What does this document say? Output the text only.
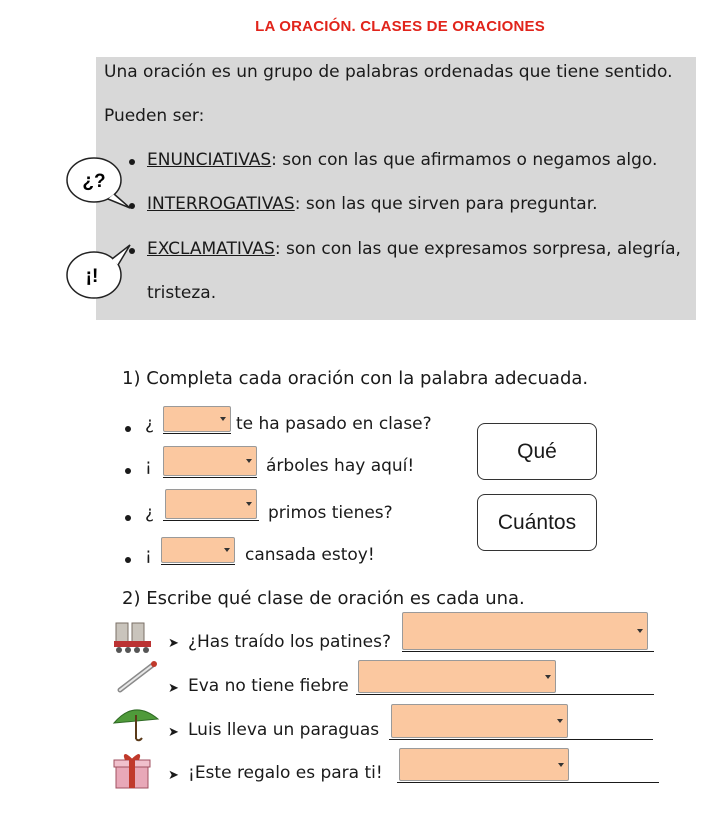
LA ORACIÓN. CLASES DE ORACIONES
Una oración es un grupo de palabras ordenadas que tiene sentido.
Pueden ser:
ENUNCIATIVAS: son con las que afirmamos o negamos algo.
INTERROGATIVAS: son las que sirven para preguntar.
EXCLAMATIVAS: son con las que expresamos sorpresa, alegría,
tristeza.
¿?
¡!
1) Completa cada oración con la palabra adecuada.
¿	te ha pasado en clase?
¡	árboles hay aquí!
¿	primos tienes?
¡	cansada estoy!
Qué
Cuántos
2) Escribe qué clase de oración es cada una.
➤ ¿Has traído los patines?
➤ Eva no tiene fiebre
➤ Luis lleva un paraguas
➤ ¡Este regalo es para ti!
